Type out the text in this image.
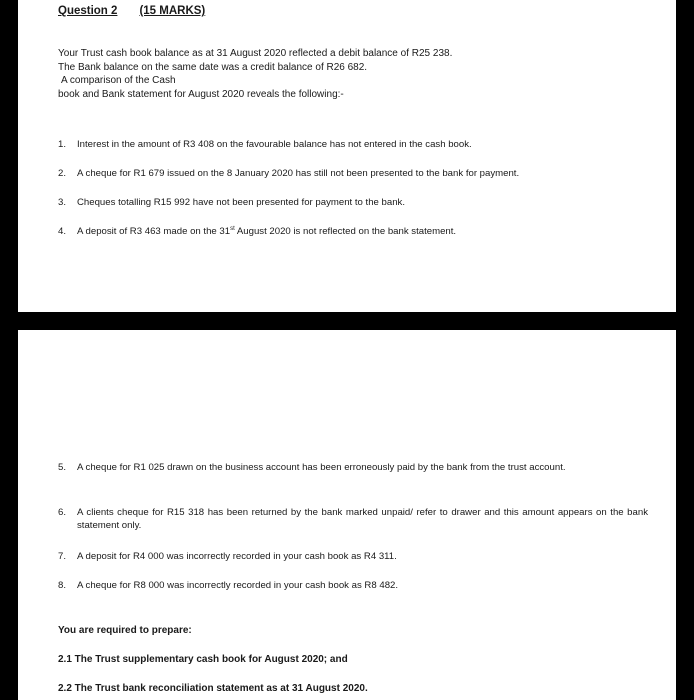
Question 2 (15 MARKS)
Your Trust cash book balance as at 31 August 2020 reflected a debit balance of R25 238.
The Bank balance on the same date was a credit balance of R26 682.
A comparison of the Cash
book and Bank statement for August 2020 reveals the following:-
1.	Interest in the amount of R3 408 on the favourable balance has not entered in the cash book.
2.	A cheque for R1 679 issued on the 8 January 2020 has still not been presented to the bank for payment.
3.	Cheques totalling R15 992 have not been presented for payment to the bank.
4.	A deposit of R3 463 made on the 31st August 2020 is not reflected on the bank statement.
5.	A cheque for R1 025 drawn on the business account has been erroneously paid by the bank from the trust account.
6.	A clients cheque for R15 318 has been returned by the bank marked unpaid/ refer to drawer and this amount appears on the bank statement only.
7.	A deposit for R4 000 was incorrectly recorded in your cash book as R4 311.
8.	A cheque for R8 000 was incorrectly recorded in your cash book as R8 482.
You are required to prepare:
2.1 The Trust supplementary cash book for August 2020; and
2.2 The Trust bank reconciliation statement as at 31 August 2020.
